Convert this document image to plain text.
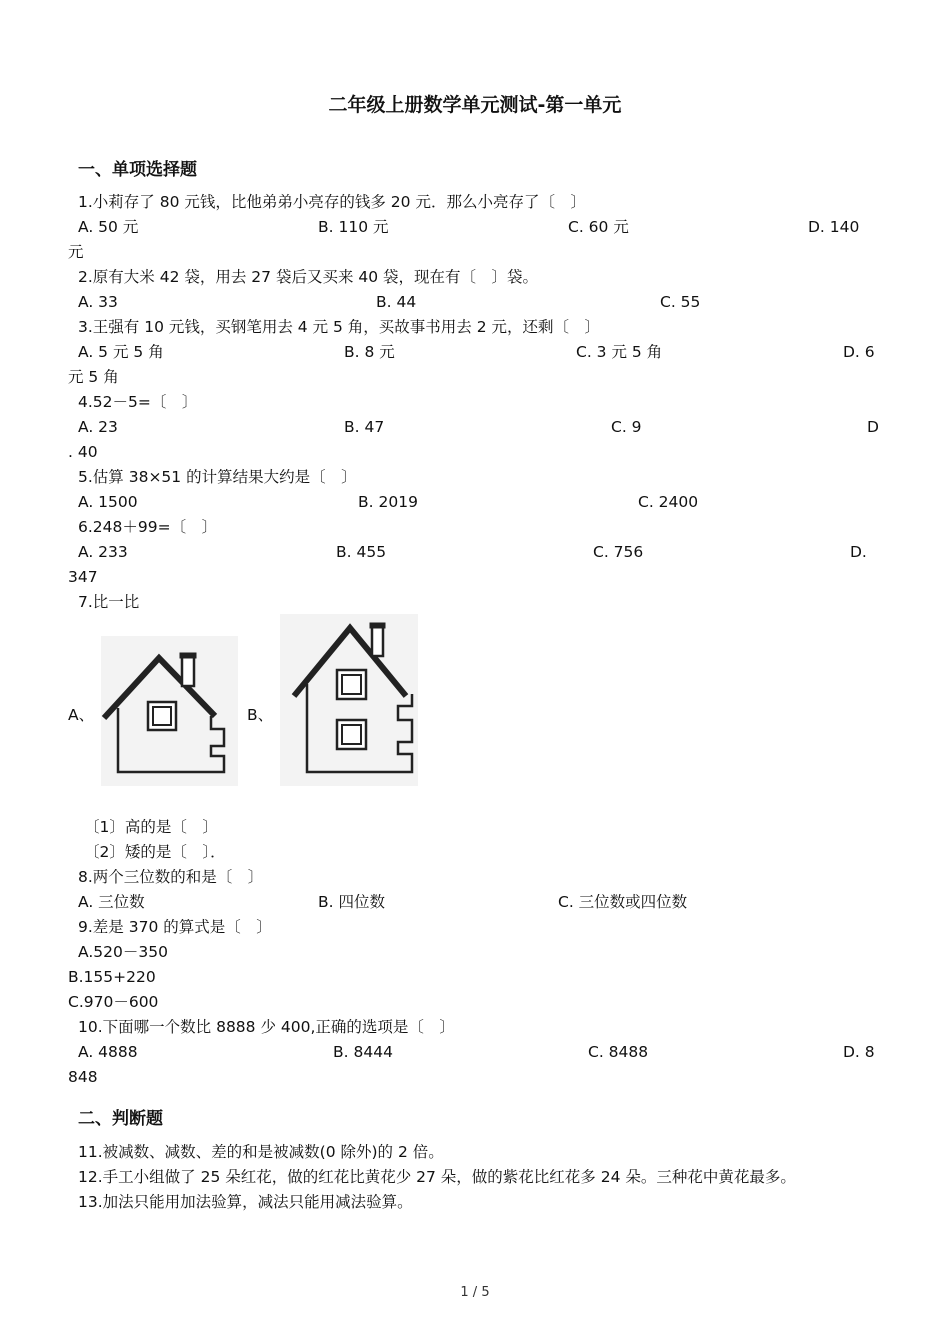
二年级上册数学单元测试-第一单元
一、单项选择题
1.小莉存了 80 元钱，比他弟弟小亮存的钱多 20 元．那么小亮存了〔　〕
A. 50 元	B. 110 元	C. 60 元	D. 140
元
2.原有大米 42 袋，用去 27 袋后又买来 40 袋，现在有〔　〕袋。
A. 33	B. 44	C. 55
3.王强有 10 元钱，买钢笔用去 4 元 5 角，买故事书用去 2 元，还剩〔　〕
A. 5 元 5 角	B. 8 元	C. 3 元 5 角	D. 6
元 5 角
4.52－5=〔　〕
A. 23	B. 47	C. 9	D
. 40
5.估算 38×51 的计算结果大约是〔　〕
A. 1500	B. 2019	C. 2400
6.248＋99=〔　〕
A. 233	B. 455	C. 756	D.
347
7.比一比
A、	B、
〔1〕高的是〔　〕
〔2〕矮的是〔　〕．
8.两个三位数的和是〔　〕
A. 三位数	B. 四位数	C. 三位数或四位数
9.差是 370 的算式是〔　〕
A.520－350
B.155+220
C.970－600
10.下面哪一个数比 8888 少 400,正确的选项是〔　〕
A. 4888	B. 8444	C. 8488	D. 8
848
二、判断题
11.被减数、减数、差的和是被减数(0 除外)的 2 倍。
12.手工小组做了 25 朵红花，做的红花比黄花少 27 朵，做的紫花比红花多 24 朵。三种花中黄花最多。
13.加法只能用加法验算，减法只能用减法验算。
1 / 5
